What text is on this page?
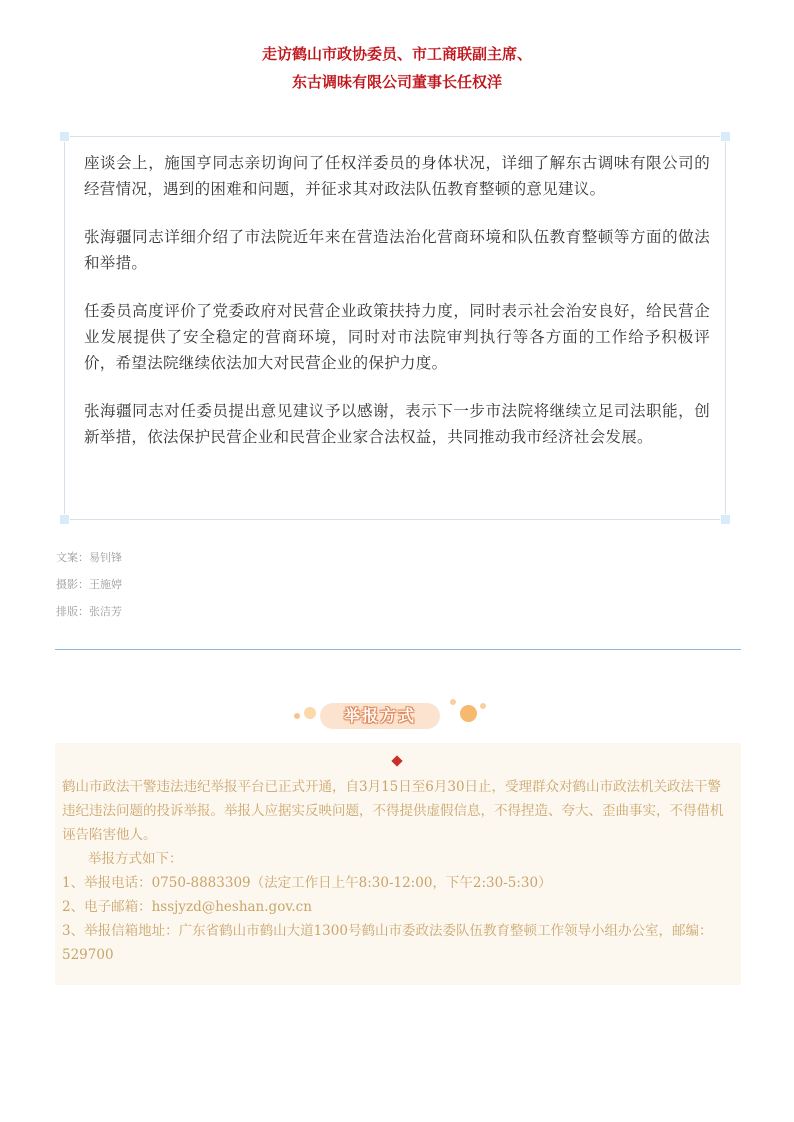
走访鹤山市政协委员、市工商联副主席、
东古调味有限公司董事长任权洋

座谈会上，施国亨同志亲切询问了任权洋委员的身体状况，详细了解东古调味有限公司的经营情况，遇到的困难和问题，并征求其对政法队伍教育整顿的意见建议。

张海疆同志详细介绍了市法院近年来在营造法治化营商环境和队伍教育整顿等方面的做法和举措。

任委员高度评价了党委政府对民营企业政策扶持力度，同时表示社会治安良好，给民营企业发展提供了安全稳定的营商环境，同时对市法院审判执行等各方面的工作给予积极评价，希望法院继续依法加大对民营企业的保护力度。

张海疆同志对任委员提出意见建议予以感谢，表示下一步市法院将继续立足司法职能，创新举措，依法保护民营企业和民营企业家合法权益，共同推动我市经济社会发展。

文案：易钊锋
摄影：王施婷
排版：张洁芳
举报方式
鹤山市政法干警违法违纪举报平台已正式开通，自3月15日至6月30日止，受理群众对鹤山市政法机关政法干警违纪违法问题的投诉举报。举报人应据实反映问题，不得提供虚假信息，不得捏造、夸大、歪曲事实，不得借机诬告陷害他人。
举报方式如下：
1、举报电话：0750-8883309（法定工作日上午8:30-12:00，下午2:30-5:30）
2、电子邮箱：hssjyzd@heshan.gov.cn
3、举报信箱地址：广东省鹤山市鹤山大道1300号鹤山市委政法委队伍教育整顿工作领导小组办公室，邮编：529700
